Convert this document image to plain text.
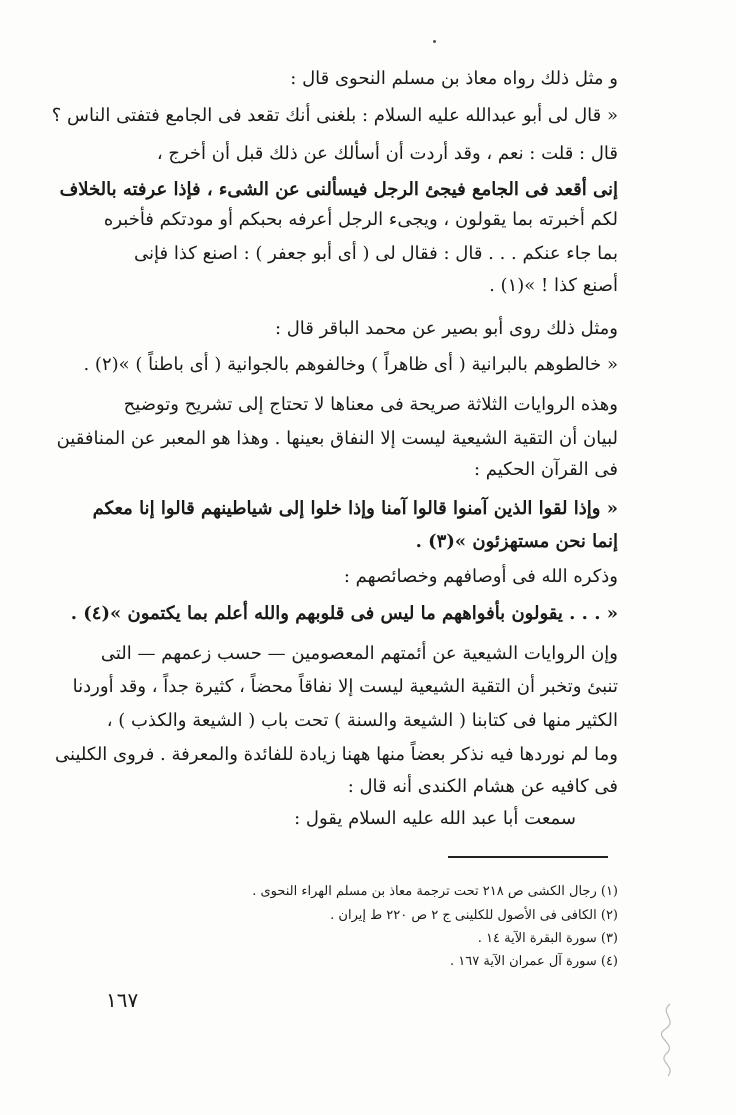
و مثل ذلك رواه معاذ بن مسلم النحوى قال :
« قال لى أبو عبدالله عليه السلام : بلغنى أنك تقعد فى الجامع فتفتى الناس ؟
قال : قلت : نعم ، وقد أردت أن أسألك عن ذلك قبل أن أخرج ،
إنى أقعد فى الجامع فيجئ الرجل فيسألنى عن الشىء ، فإذا عرفته بالخلاف
لكم أخبرته بما يقولون ، ويجىء الرجل أعرفه بحبكم أو مودتكم فأخبره
بما جاء عنكم . . . قال : فقال لى ( أى أبو جعفر ) : اصنع كذا فإنى
أصنع كذا ! »(١) .
ومثل ذلك روى أبو بصير عن محمد الباقر قال :
« خالطوهم بالبرانية ( أى ظاهراً ) وخالفوهم بالجوانية ( أى باطناً ) »(٢) .
وهذه الروايات الثلاثة صريحة فى معناها لا تحتاج إلى تشريح وتوضيح
لبيان أن التقية الشيعية ليست إلا النفاق بعينها . وهذا هو المعبر عن المنافقين
فى القرآن الحكيم :
« وإذا لقوا الذين آمنوا قالوا آمنا وإذا خلوا إلى شياطينهم قالوا إنا معكم
إنما نحن مستهزئون »(٣) .
وذكره الله فى أوصافهم وخصائصهم :
« . . . يقولون بأفواههم ما ليس فى قلوبهم والله أعلم بما يكتمون »(٤) .
وإن الروايات الشيعية عن أئمتهم المعصومين — حسب زعمهم — التى
تنبئ وتخبر أن التقية الشيعية ليست إلا نفاقاً محضاً ، كثيرة جداً ، وقد أوردنا
الكثير منها فى كتابنا ( الشيعة والسنة ) تحت باب ( الشيعة والكذب ) ،
وما لم نوردها فيه نذكر بعضاً منها ههنا زيادة للفائدة والمعرفة . فروى الكلينى
فى كافيه عن هشام الكندى أنه قال :
سمعت أبا عبد الله عليه السلام يقول :
(١) رجال الكشى ص ٢١٨ تحت ترجمة معاذ بن مسلم الهراء النحوى .
(٢) الكافى فى الأصول للكلينى ج ٢ ص ٢٢٠ ط إيران .
(٣) سورة البقرة الآية ١٤ .
(٤) سورة آل عمران الآية ١٦٧ .
١٦٧
